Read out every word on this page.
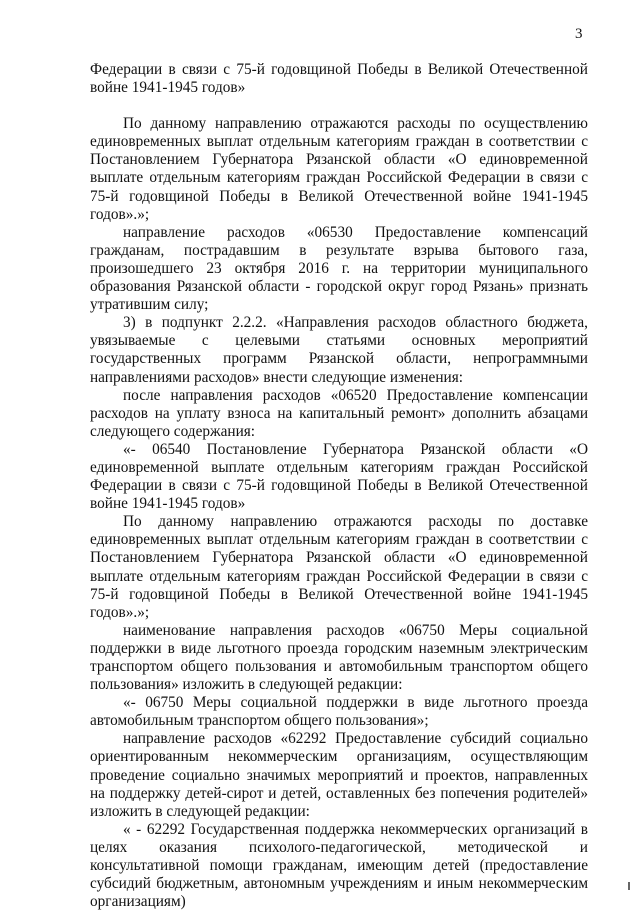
3

Федерации в связи с 75-й годовщиной Победы в Великой Отечественной войне 1941-1945 годов»

По данному направлению отражаются расходы по осуществлению единовременных выплат отдельным категориям граждан в соответствии с Постановлением Губернатора Рязанской области «О единовременной выплате отдельным категориям граждан Российской Федерации в связи с 75-й годовщиной Победы в Великой Отечественной войне 1941-1945 годов».»;

направление расходов «06530 Предоставление компенсаций гражданам, пострадавшим в результате взрыва бытового газа, произошедшего 23 октября 2016 г. на территории муниципального образования Рязанской области - городской округ город Рязань» признать утратившим силу;

3) в подпункт 2.2.2. «Направления расходов областного бюджета, увязываемые с целевыми статьями основных мероприятий государственных программ Рязанской области, непрограммными направлениями расходов» внести следующие изменения:

после направления расходов «06520 Предоставление компенсации расходов на уплату взноса на капитальный ремонт» дополнить абзацами следующего содержания:

«- 06540 Постановление Губернатора Рязанской области «О единовременной выплате отдельным категориям граждан Российской Федерации в связи с 75-й годовщиной Победы в Великой Отечественной войне 1941-1945 годов»

По данному направлению отражаются расходы по доставке единовременных выплат отдельным категориям граждан в соответствии с Постановлением Губернатора Рязанской области «О единовременной выплате отдельным категориям граждан Российской Федерации в связи с 75-й годовщиной Победы в Великой Отечественной войне 1941-1945 годов».»;

наименование направления расходов «06750 Меры социальной поддержки в виде льготного проезда городским наземным электрическим транспортом общего пользования и автомобильным транспортом общего пользования» изложить в следующей редакции:

«- 06750 Меры социальной поддержки в виде льготного проезда автомобильным транспортом общего пользования»;

направление расходов «62292 Предоставление субсидий социально ориентированным некоммерческим организациям, осуществляющим проведение социально значимых мероприятий и проектов, направленных на поддержку детей-сирот и детей, оставленных без попечения родителей» изложить в следующей редакции:

« - 62292 Государственная поддержка некоммерческих организаций в целях оказания психолого-педагогической, методической и консультативной помощи гражданам, имеющим детей (предоставление субсидий бюджетным, автономным учреждениям и иным некоммерческим организациям)
